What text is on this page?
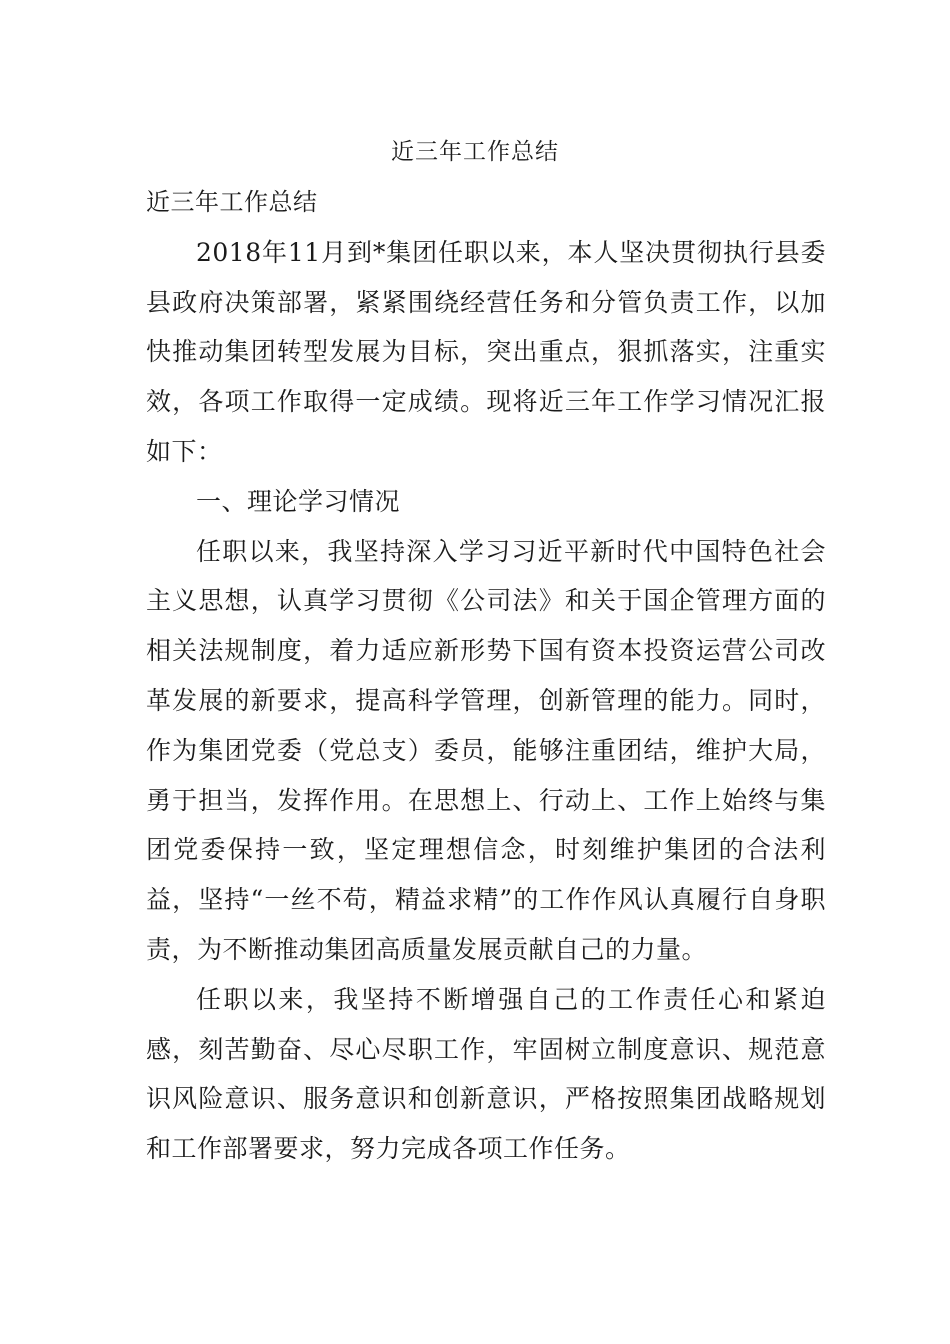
近三年工作总结

近三年工作总结

2018年11月到*集团任职以来，本人坚决贯彻执行县委县政府决策部署，紧紧围绕经营任务和分管负责工作，以加快推动集团转型发展为目标，突出重点，狠抓落实，注重实效，各项工作取得一定成绩。现将近三年工作学习情况汇报如下：

一、理论学习情况

任职以来，我坚持深入学习习近平新时代中国特色社会主义思想，认真学习贯彻《公司法》和关于国企管理方面的相关法规制度，着力适应新形势下国有资本投资运营公司改革发展的新要求，提高科学管理，创新管理的能力。同时，作为集团党委（党总支）委员，能够注重团结，维护大局，勇于担当，发挥作用。在思想上、行动上、工作上始终与集团党委保持一致，坚定理想信念，时刻维护集团的合法利益，坚持“一丝不苟，精益求精”的工作作风认真履行自身职责，为不断推动集团高质量发展贡献自己的力量。

任职以来，我坚持不断增强自己的工作责任心和紧迫感，刻苦勤奋、尽心尽职工作，牢固树立制度意识、规范意识风险意识、服务意识和创新意识，严格按照集团战略规划和工作部署要求，努力完成各项工作任务。
